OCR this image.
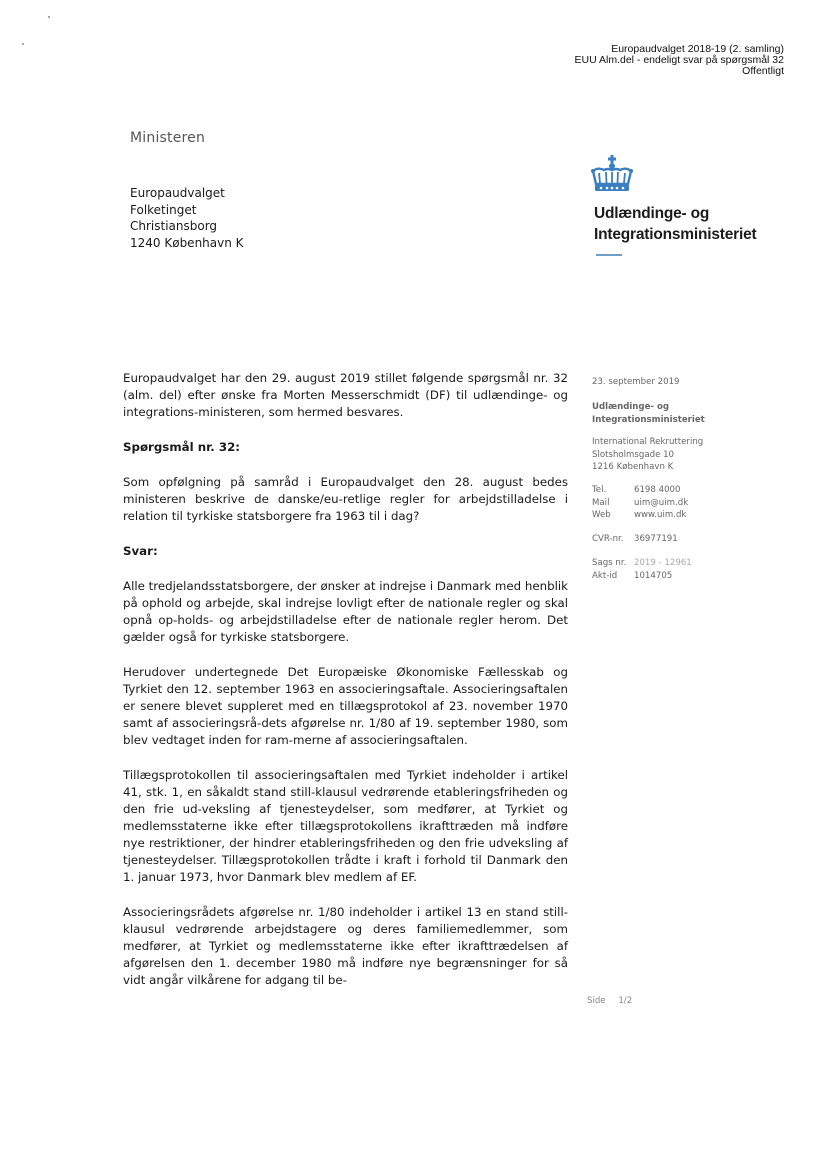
Europaudvalget 2018-19 (2. samling)
EUU Alm.del - endeligt svar på spørgsmål 32
Offentligt
Ministeren
Europaudvalget
Folketinget
Christiansborg
1240 København K
Udlændinge- og
Integrationsministeriet

Europaudvalget har den 29. august 2019 stillet følgende spørgsmål nr. 32 (alm. del) efter ønske fra Morten Messerschmidt (DF) til udlændinge- og integrations-ministeren, som hermed besvares.

Spørgsmål nr. 32:

Som opfølgning på samråd i Europaudvalget den 28. august bedes ministeren beskrive de danske/eu-retlige regler for arbejdstilladelse i relation til tyrkiske statsborgere fra 1963 til i dag?

Svar:

Alle tredjelandsstatsborgere, der ønsker at indrejse i Danmark med henblik på ophold og arbejde, skal indrejse lovligt efter de nationale regler og skal opnå op-holds- og arbejdstilladelse efter de nationale regler herom. Det gælder også for tyrkiske statsborgere.

Herudover undertegnede Det Europæiske Økonomiske Fællesskab og Tyrkiet den 12. september 1963 en associeringsaftale. Associeringsaftalen er senere blevet suppleret med en tillægsprotokol af 23. november 1970 samt af associeringsrå-dets afgørelse nr. 1/80 af 19. september 1980, som blev vedtaget inden for ram-merne af associeringsaftalen.

Tillægsprotokollen til associeringsaftalen med Tyrkiet indeholder i artikel 41, stk. 1, en såkaldt stand still-klausul vedrørende etableringsfriheden og den frie ud-veksling af tjenesteydelser, som medfører, at Tyrkiet og medlemsstaterne ikke efter tillægsprotokollens ikrafttræden må indføre nye restriktioner, der hindrer etableringsfriheden og den frie udveksling af tjenesteydelser. Tillægsprotokollen trådte i kraft i forhold til Danmark den 1. januar 1973, hvor Danmark blev medlem af EF.

Associeringsrådets afgørelse nr. 1/80 indeholder i artikel 13 en stand still-klausul vedrørende arbejdstagere og deres familiemedlemmer, som medfører, at Tyrkiet og medlemsstaterne ikke efter ikrafttrædelsen af afgørelsen den 1. december 1980 må indføre nye begrænsninger for så vidt angår vilkårene for adgang til be-

23. september 2019
Udlændinge- og
Integrationsministeriet
International Rekruttering
Slotsholmsgade 10
1216 København K
Tel.	6198 4000
Mail	uim@uim.dk
Web	www.uim.dk
CVR-nr.	36977191
Sags nr. 2019 - 12961
Akt-id	1014705
Side 1/2
